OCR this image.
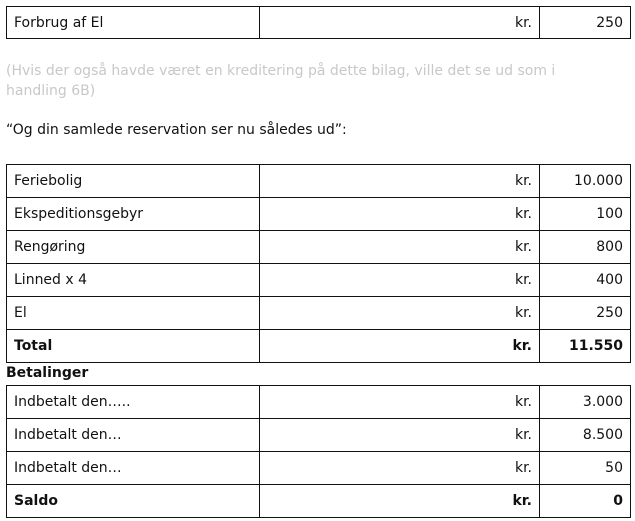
Forbrug af El	kr.	250

(Hvis der også havde været en kreditering på dette bilag, ville det se ud som i handling 6B)

“Og din samlede reservation ser nu således ud”:

Feriebolig	kr.	10.000
Ekspeditionsgebyr	kr.	100
Rengøring	kr.	800
Linned x 4	kr.	400
El	kr.	250
Total	kr.	11.550

Betalinger

Indbetalt den…..	kr.	3.000
Indbetalt den…	kr.	8.500
Indbetalt den…	kr.	50
Saldo	kr.	0
